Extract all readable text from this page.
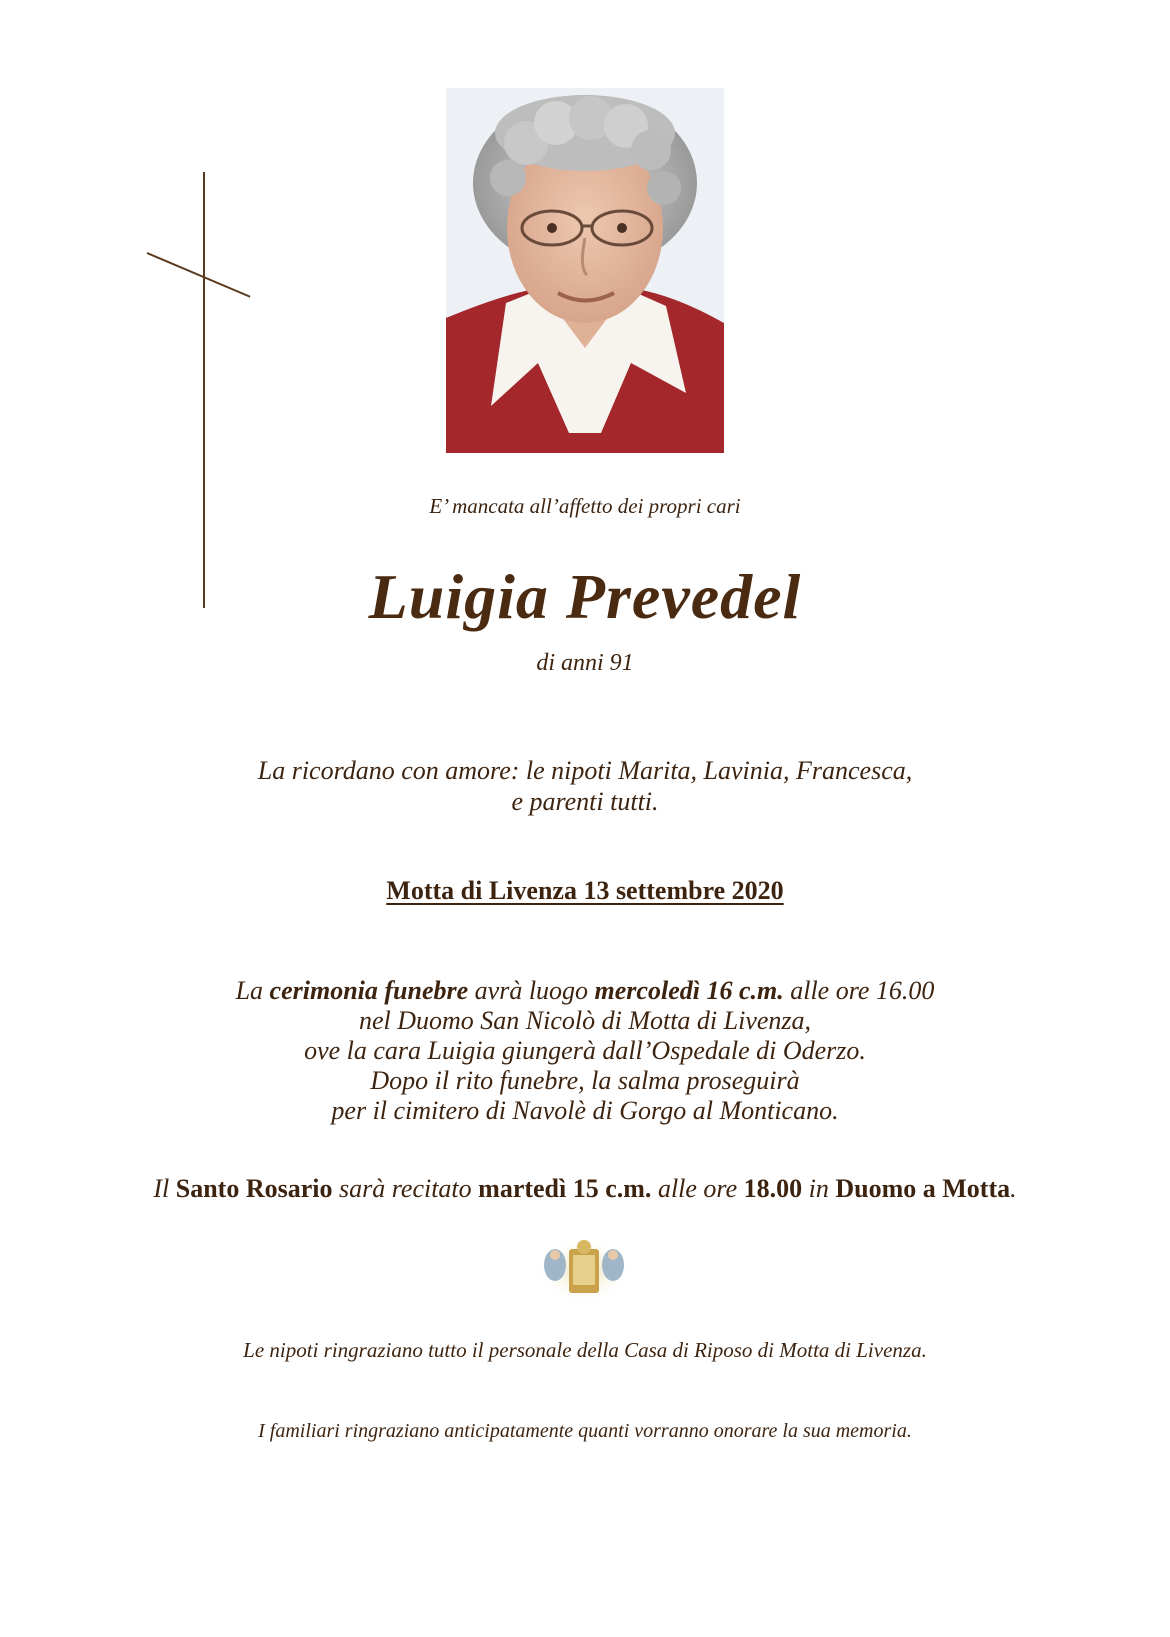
E’ mancata all’affetto dei propri cari
Luigia Prevedel
di anni 91
La ricordano con amore: le nipoti Marita, Lavinia, Francesca,
e parenti tutti.
Motta di Livenza 13 settembre 2020
La cerimonia funebre avrà luogo mercoledì 16 c.m. alle ore 16.00
nel Duomo San Nicolò di Motta di Livenza,
ove la cara Luigia giungerà dall’Ospedale di Oderzo.
Dopo il rito funebre, la salma proseguirà
per il cimitero di Navolè di Gorgo al Monticano.
Il Santo Rosario sarà recitato martedì 15 c.m. alle ore 18.00 in Duomo a Motta.
Le nipoti ringraziano tutto il personale della Casa di Riposo di Motta di Livenza.
I familiari ringraziano anticipatamente quanti vorranno onorare la sua memoria.
